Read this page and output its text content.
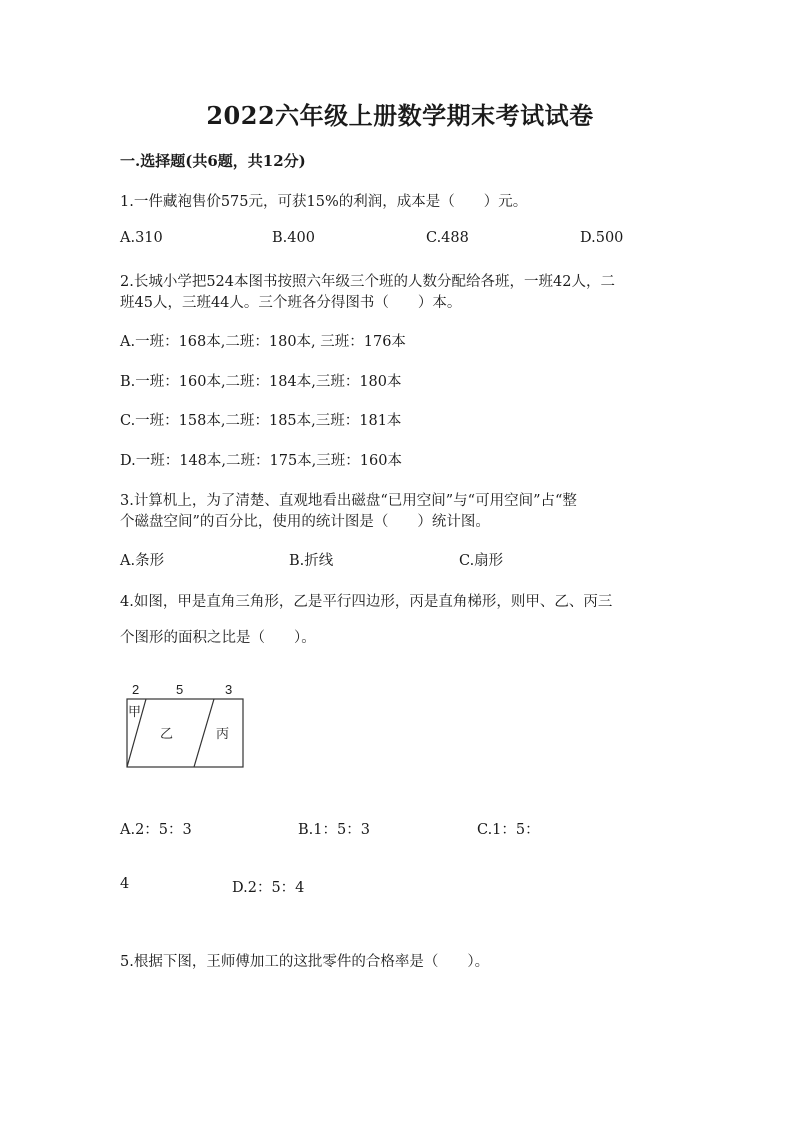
2022六年级上册数学期末考试试卷
一.选择题(共6题，共12分)
1.一件藏袍售价575元，可获15%的利润，成本是（　　）元。
A.310	B.400	C.488	D.500
2.长城小学把524本图书按照六年级三个班的人数分配给各班，一班42人，二
班45人，三班44人。三个班各分得图书（　　）本。
A.一班：168本,二班：180本, 三班：176本
B.一班：160本,二班：184本,三班：180本
C.一班：158本,二班：185本,三班：181本
D.一班：148本,二班：175本,三班：160本
3.计算机上，为了清楚、直观地看出磁盘“已用空间”与“可用空间”占“整
个磁盘空间”的百分比，使用的统计图是（　　）统计图。
A.条形	B.折线	C.扇形
4.如图，甲是直角三角形，乙是平行四边形，丙是直角梯形，则甲、乙、丙三
个图形的面积之比是（　　）。
2	5	3
甲
乙	丙
A.2：5：3	B.1：5：3	C.1：5：
4	D.2：5：4
5.根据下图，王师傅加工的这批零件的合格率是（　　）。
